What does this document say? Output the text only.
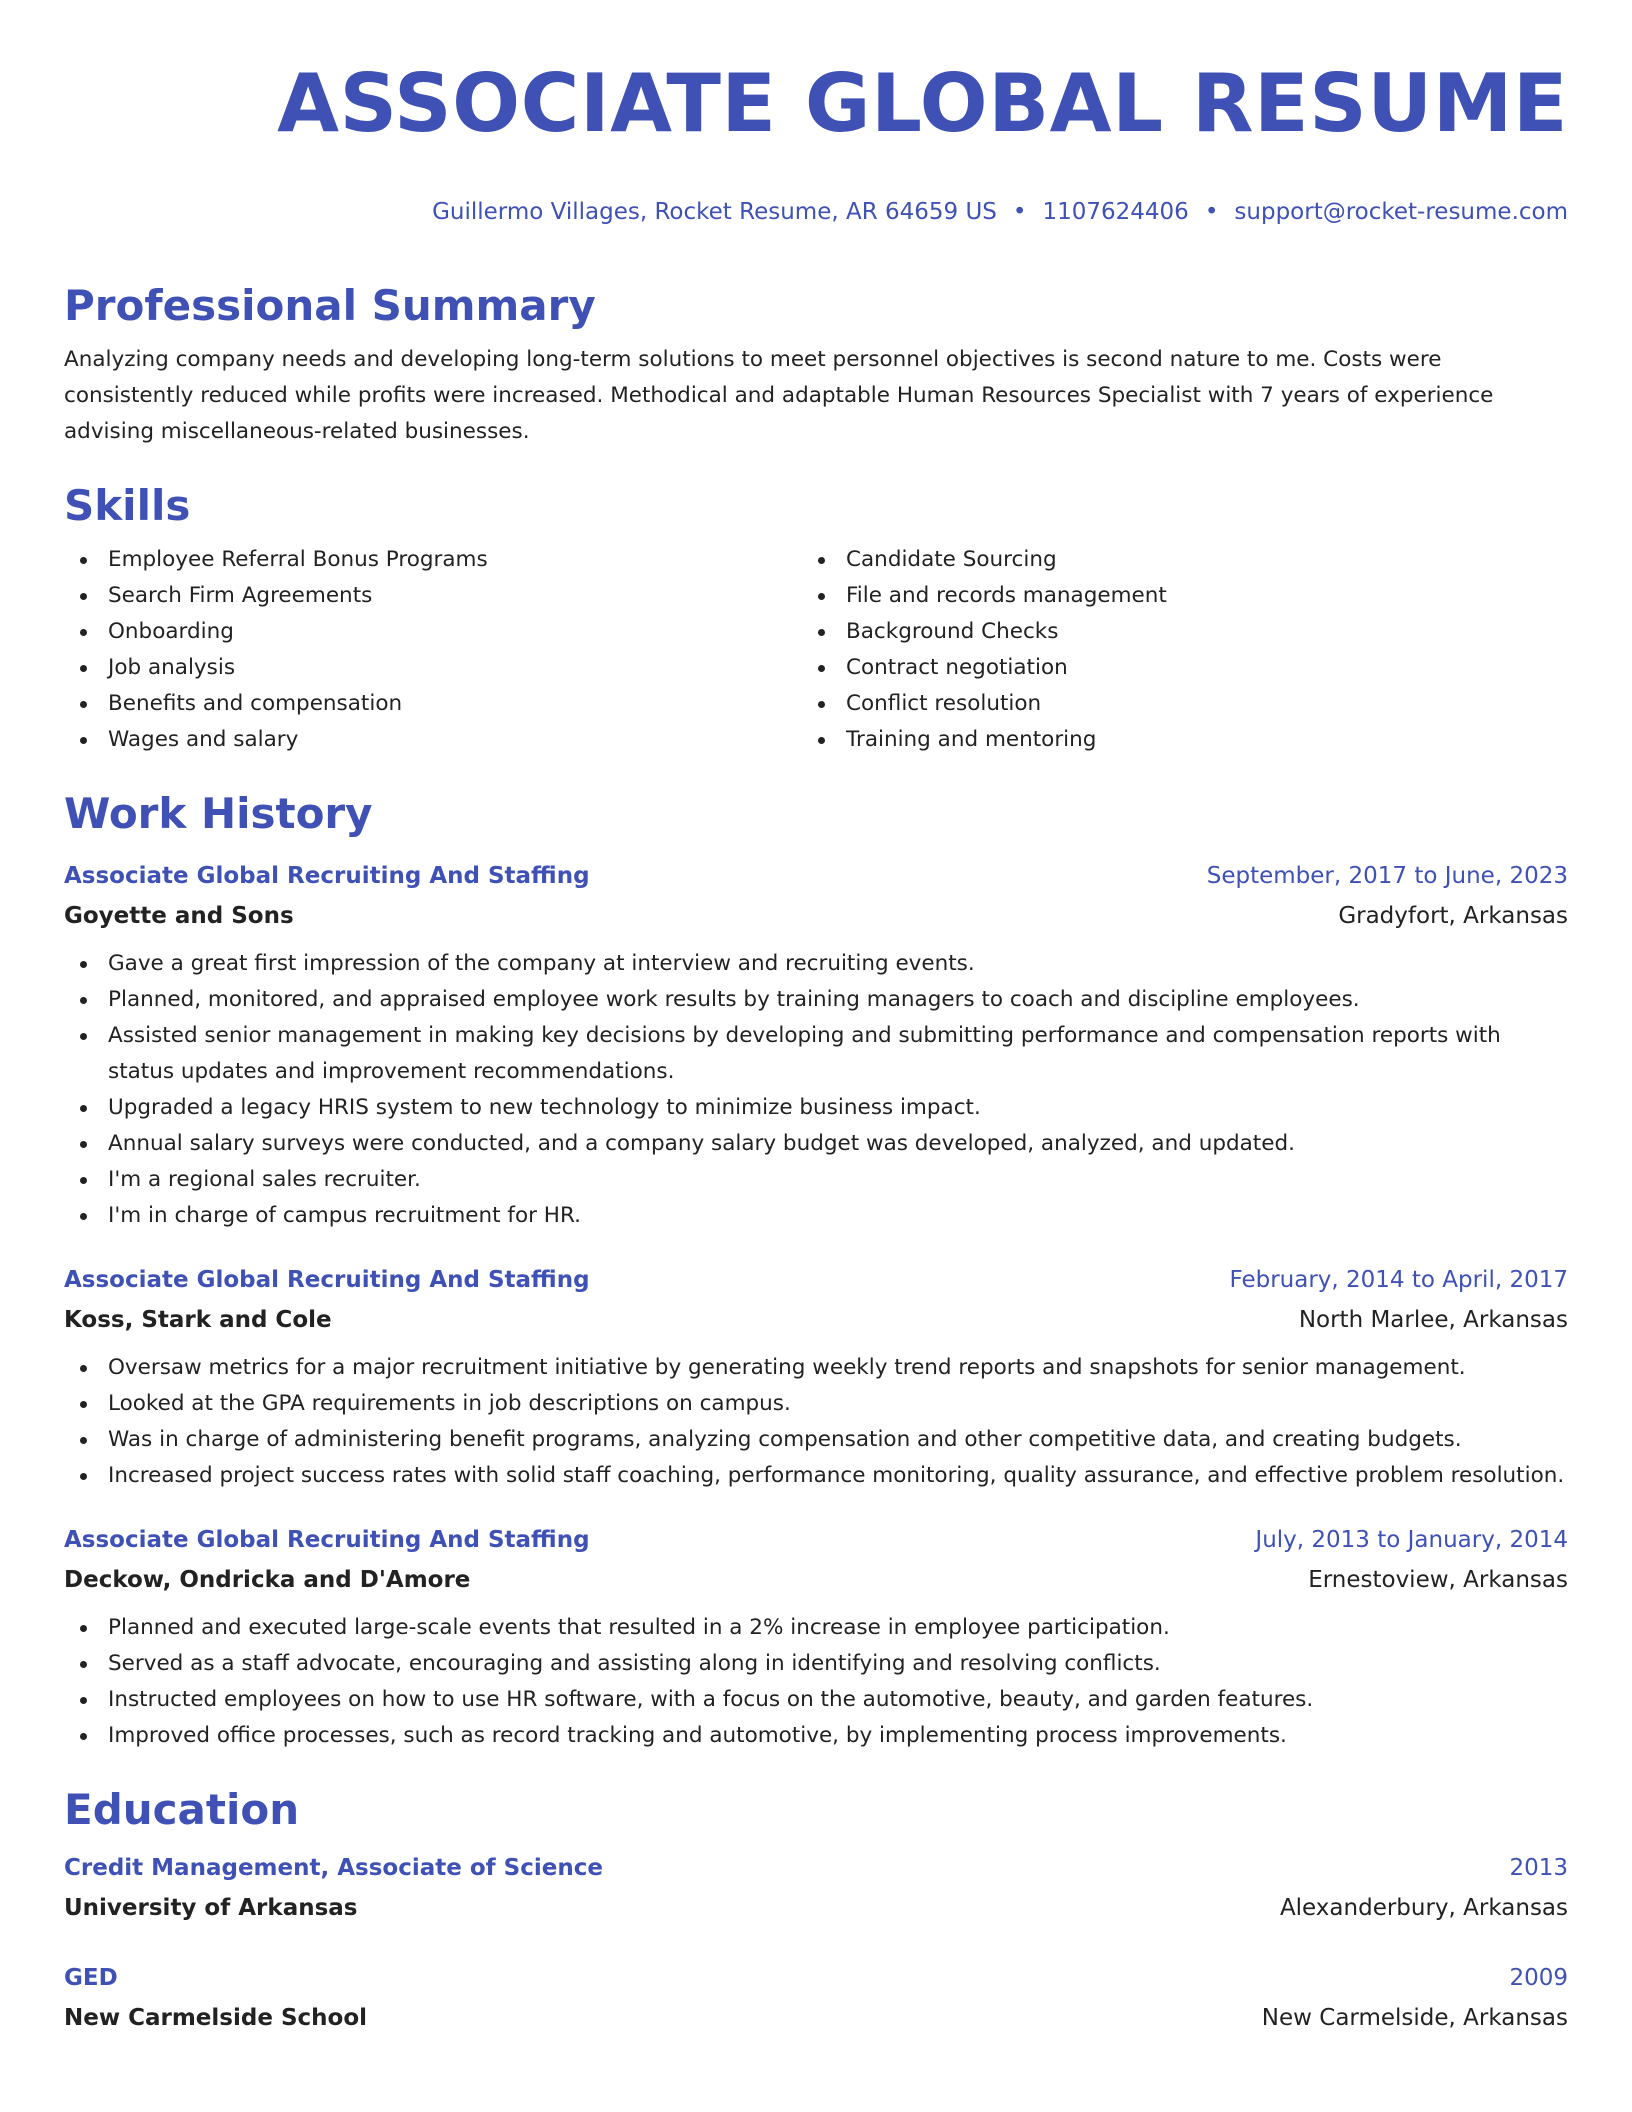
ASSOCIATE GLOBAL RESUME
Guillermo Villages, Rocket Resume, AR 64659 US • 1107624406 • support@rocket-resume.com
Professional Summary

Analyzing company needs and developing long-term solutions to meet personnel objectives is second nature to me. Costs were consistently reduced while profits were increased. Methodical and adaptable Human Resources Specialist with 7 years of experience advising miscellaneous-related businesses.

Skills
Employee Referral Bonus Programs
Search Firm Agreements
Onboarding
Job analysis
Benefits and compensation
Wages and salary
Candidate Sourcing
File and records management
Background Checks
Contract negotiation
Conflict resolution
Training and mentoring
Work History
Associate Global Recruiting And Staffing	September, 2017 to June, 2023
Goyette and Sons	Gradyfort, Arkansas
Gave a great first impression of the company at interview and recruiting events.
Planned, monitored, and appraised employee work results by training managers to coach and discipline employees.
Assisted senior management in making key decisions by developing and submitting performance and compensation reports with status updates and improvement recommendations.
Upgraded a legacy HRIS system to new technology to minimize business impact.
Annual salary surveys were conducted, and a company salary budget was developed, analyzed, and updated.
I'm a regional sales recruiter.
I'm in charge of campus recruitment for HR.
Associate Global Recruiting And Staffing	February, 2014 to April, 2017
Koss, Stark and Cole	North Marlee, Arkansas
Oversaw metrics for a major recruitment initiative by generating weekly trend reports and snapshots for senior management.
Looked at the GPA requirements in job descriptions on campus.
Was in charge of administering benefit programs, analyzing compensation and other competitive data, and creating budgets.
Increased project success rates with solid staff coaching, performance monitoring, quality assurance, and effective problem resolution.
Associate Global Recruiting And Staffing	July, 2013 to January, 2014
Deckow, Ondricka and D'Amore	Ernestoview, Arkansas
Planned and executed large-scale events that resulted in a 2% increase in employee participation.
Served as a staff advocate, encouraging and assisting along in identifying and resolving conflicts.
Instructed employees on how to use HR software, with a focus on the automotive, beauty, and garden features.
Improved office processes, such as record tracking and automotive, by implementing process improvements.
Education
Credit Management, Associate of Science	2013
University of Arkansas	Alexanderbury, Arkansas
GED	2009
New Carmelside School	New Carmelside, Arkansas
